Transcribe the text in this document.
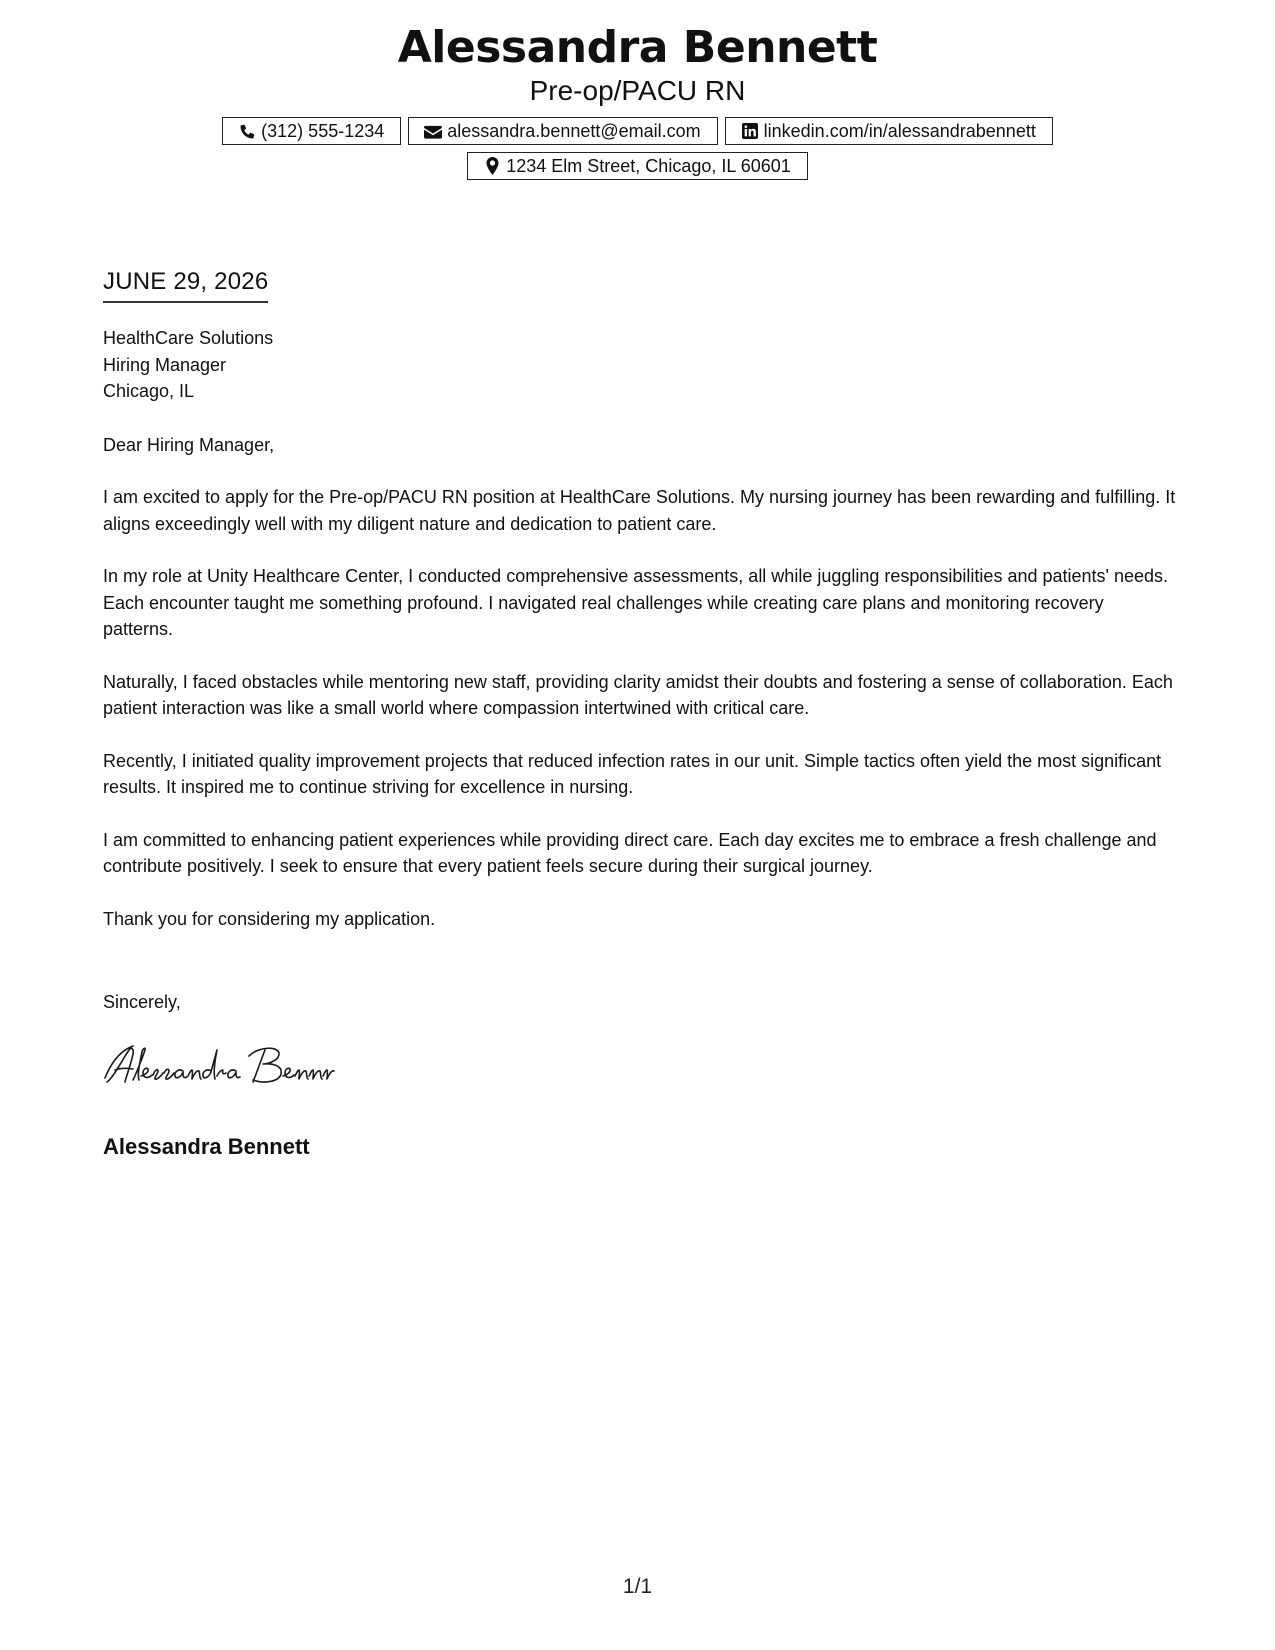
Alessandra Bennett
Pre-op/PACU RN
(312) 555-1234	alessandra.bennett@email.com	linkedin.com/in/alessandrabennett
1234 Elm Street, Chicago, IL 60601
JUNE 29, 2026
HealthCare Solutions
Hiring Manager
Chicago, IL
Dear Hiring Manager,

I am excited to apply for the Pre-op/PACU RN position at HealthCare Solutions. My nursing journey has been rewarding and fulfilling. It aligns exceedingly well with my diligent nature and dedication to patient care.

In my role at Unity Healthcare Center, I conducted comprehensive assessments, all while juggling responsibilities and patients' needs. Each encounter taught me something profound. I navigated real challenges while creating care plans and monitoring recovery patterns.

Naturally, I faced obstacles while mentoring new staff, providing clarity amidst their doubts and fostering a sense of collaboration. Each patient interaction was like a small world where compassion intertwined with critical care.

Recently, I initiated quality improvement projects that reduced infection rates in our unit. Simple tactics often yield the most significant results. It inspired me to continue striving for excellence in nursing.

I am committed to enhancing patient experiences while providing direct care. Each day excites me to embrace a fresh challenge and contribute positively. I seek to ensure that every patient feels secure during their surgical journey.

Thank you for considering my application.

Sincerely,
Alessandra Bennett
1/1
